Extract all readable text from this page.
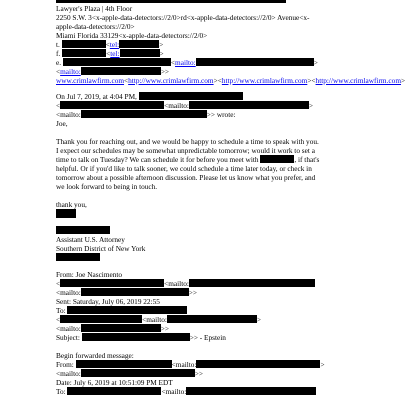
Lawyer's Plaza | 4th Floor
2250 S.W. 3<x-apple-data-detectors://2/0>rd<x-apple-data-detectors://2/0> Avenue<x-
apple-data-detectors://2/0>
Miami Florida 33129<x-apple-data-detectors://2/0>
t.	<tel:	>
f.	<tel:	>
e.	<mailto:	>
<mailto:	>>
www.crimlawfirm.com<http://www.crimlawfirm.com><http://www.crimlawfirm.com><http://www.crimlawfirm.com>
On Jul 7, 2019, at 4:04 PM,
<	<mailto:	>
<mailto:	>> wrote:
Joe,
Thank you for reaching out, and we would be happy to schedule a time to speak with you.
I expect our schedules may be somewhat unpredictable tomorrow; would it work to set a
time to talk on Tuesday? We can schedule it for before you meet with	, if that's
helpful. Or if you'd like to talk sooner, we could schedule a time later today, or check in
tomorrow about a possible afternoon discussion. Please let us know what you prefer, and
we look forward to being in touch.
thank you,
Assistant U.S. Attorney
Southern District of New York
From: Joe Nascimento
<	<mailto:
<mailto:	>>
Sent: Saturday, July 06, 2019 22:55
To:
<	<mailto:	>
<mailto:	>>
Subject:	>> - Epstein
Begin forwarded message:
From:	<mailto:	>
<mailto:	>>
Date: July 6, 2019 at 10:51:09 PM EDT
To:	<mailto:
